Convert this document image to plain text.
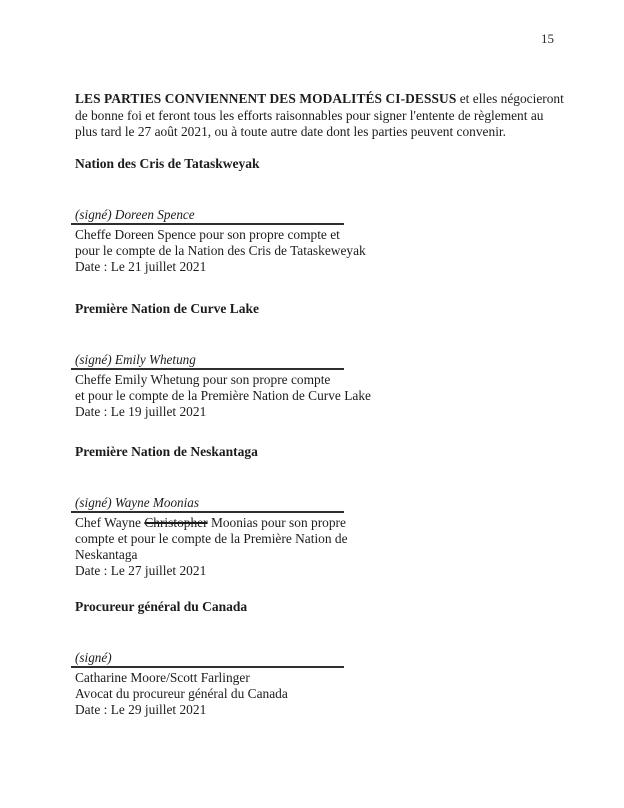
15

LES PARTIES CONVIENNENT DES MODALITÉS CI-DESSUS et elles négocieront de bonne foi et feront tous les efforts raisonnables pour signer l'entente de règlement au plus tard le 27 août 2021, ou à toute autre date dont les parties peuvent convenir.

Nation des Cris de Tataskweyak
(signé) Doreen Spence
Cheffe Doreen Spence pour son propre compte et
pour le compte de la Nation des Cris de Tataskeweyak
Date : Le 21 juillet 2021
Première Nation de Curve Lake
(signé) Emily Whetung
Cheffe Emily Whetung pour son propre compte
et pour le compte de la Première Nation de Curve Lake
Date : Le 19 juillet 2021
Première Nation de Neskantaga
(signé) Wayne Moonias
Chef Wayne Christopher Moonias pour son propre
compte et pour le compte de la Première Nation de
Neskantaga
Date : Le 27 juillet 2021
Procureur général du Canada
(signé)
Catharine Moore/Scott Farlinger
Avocat du procureur général du Canada
Date : Le 29 juillet 2021
